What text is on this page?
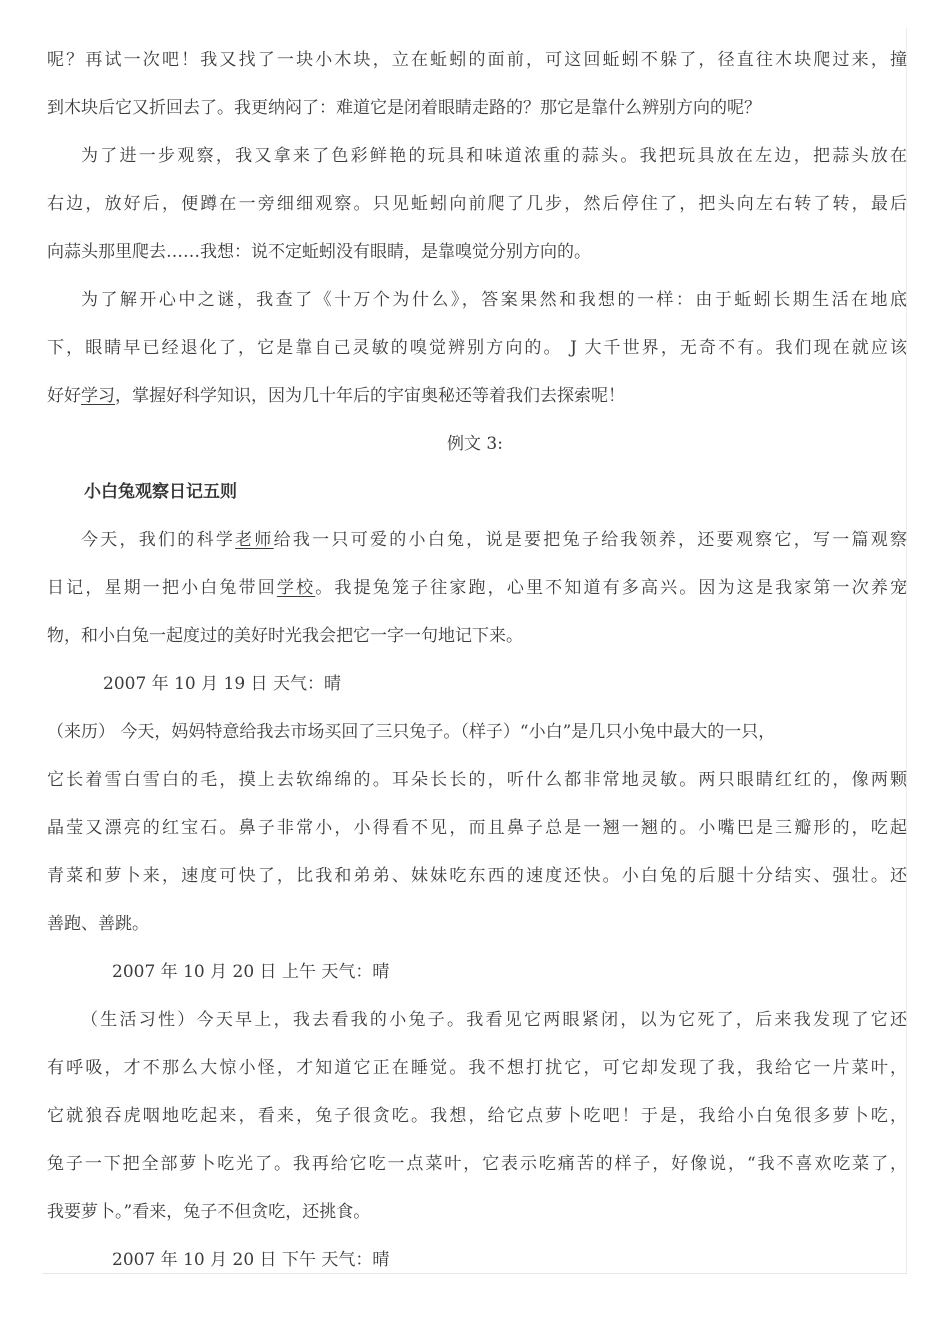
呢？再试一次吧！我又找了一块小木块，立在蚯蚓的面前，可这回蚯蚓不躲了，径直往木块爬过来，撞
到木块后它又折回去了。我更纳闷了：难道它是闭着眼睛走路的？那它是靠什么辨别方向的呢？
为了进一步观察，我又拿来了色彩鲜艳的玩具和味道浓重的蒜头。我把玩具放在左边，把蒜头放在
右边，放好后，便蹲在一旁细细观察。只见蚯蚓向前爬了几步，然后停住了，把头向左右转了转，最后
向蒜头那里爬去……我想：说不定蚯蚓没有眼睛，是靠嗅觉分别方向的。
为了解开心中之谜，我查了《十万个为什么》，答案果然和我想的一样：由于蚯蚓长期生活在地底
下，眼睛早已经退化了，它是靠自己灵敏的嗅觉辨别方向的。 J 大千世界，无奇不有。我们现在就应该
好好学习，掌握好科学知识，因为几十年后的宇宙奥秘还等着我们去探索呢！
例文 3:
小白兔观察日记五则
今天，我们的科学老师给我一只可爱的小白兔，说是要把兔子给我领养，还要观察它，写一篇观察
日记，星期一把小白兔带回学校。我提兔笼子往家跑，心里不知道有多高兴。因为这是我家第一次养宠
物，和小白兔一起度过的美好时光我会把它一字一句地记下来。
2007 年 10 月 19 日 天气：晴
（来历） 今天，妈妈特意给我去市场买回了三只兔子。（样子）“小白”是几只小兔中最大的一只，
它长着雪白雪白的毛，摸上去软绵绵的。耳朵长长的，听什么都非常地灵敏。两只眼睛红红的，像两颗
晶莹又漂亮的红宝石。鼻子非常小，小得看不见，而且鼻子总是一翘一翘的。小嘴巴是三瓣形的，吃起
青菜和萝卜来，速度可快了，比我和弟弟、妹妹吃东西的速度还快。小白兔的后腿十分结实、强壮。还
善跑、善跳。
2007 年 10 月 20 日 上午 天气：晴
（生活习性）今天早上，我去看我的小兔子。我看见它两眼紧闭，以为它死了，后来我发现了它还
有呼吸，才不那么大惊小怪，才知道它正在睡觉。我不想打扰它，可它却发现了我，我给它一片菜叶，
它就狼吞虎咽地吃起来，看来，兔子很贪吃。我想，给它点萝卜吃吧！于是，我给小白兔很多萝卜吃，
兔子一下把全部萝卜吃光了。我再给它吃一点菜叶，它表示吃痛苦的样子，好像说，“我不喜欢吃菜了，
我要萝卜。”看来，兔子不但贪吃，还挑食。
2007 年 10 月 20 日 下午 天气：晴
